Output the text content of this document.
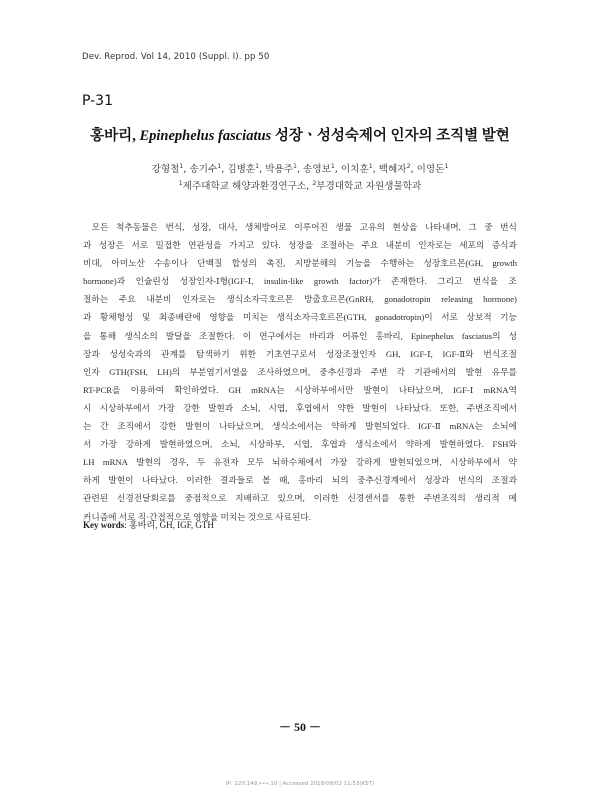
Dev. Reprod. Vol 14, 2010 (Suppl. I). pp 50
P-31
홍바리, Epinephelus fasciatus 성장ㆍ성성숙제어 인자의 조직별 발현
강형철$^1$, 송기수$^1$, 김병훈$^1$, 박용주$^1$, 송영보$^1$, 이치훈$^1$, 백혜자$^2$, 이영돈$^1$
$^1$제주대학교 해양과환경연구소, $^2$부경대학교 자원생물학과
모든 척추동물은 번식, 성장, 대사, 생체방어로 이루어진 생물 고유의 현상을 나타내며, 그 중 번식
과 성장은 서로 밀접한 연관성을 가지고 있다. 성장을 조절하는 주요 내분비 인자로는 세포의 증식과
비대, 아미노산 수송이나 단백질 합성의 촉진, 지방분해의 기능을 수행하는 성장호르몬(GH, growth
hormone)과 인슐린성 성장인자-Ⅰ형(IGF-Ⅰ, insulin-like growth factor)가 존재한다. 그리고 번식을 조
절하는 주요 내분비 인자로는 생식소자극호르몬 방출호르몬(GnRH, gonadotropin releasing hormone)
과 황체형성 및 최종배란에 영향을 미치는 생식소자극호르몬(GTH, gonadotropin)이 서로 상보적 기능
을 통해 생식소의 발달을 조절한다. 이 연구에서는 바리과 어류인 홍바리, Epinephelus fasciatus의 성
장과 성성숙과의 관계를 탐색하기 위한 기초연구로서 성장조절인자 GH, IGF-Ⅰ, IGF-Ⅱ와 번식조절
인자 GTH(FSH, LH)의 부분염기서열을 조사하였으며, 중추신경과 주변 각 기관에서의 발현 유무를
RT-PCR을 이용하여 확인하였다. GH mRNA는 시상하부에서만 발현이 나타났으며, IGF-Ⅰ mRNA역
시 시상하부에서 가장 강한 발현과 소뇌, 시엽, 후엽에서 약한 발현이 나타났다. 또한, 주변조직에서
는 간 조직에서 강한 발현이 나타났으며, 생식소에서는 약하게 발현되었다. IGF-Ⅱ mRNA는 소뇌에
서 가장 강하게 발현하였으며, 소뇌, 시상하부, 시엽, 후엽과 생식소에서 약하게 발현하였다. FSH와
LH mRNA 발현의 경우, 두 유전자 모두 뇌하수체에서 가장 강하게 발현되었으며, 시상하부에서 약
하게 발현이 나타났다. 이러한 결과들로 볼 때, 홍바리 뇌의 중추신경계에서 성장과 번식의 조절과
관련된 신경전달회로를 중점적으로 지배하고 있으며, 이러한 신경센서를 통한 주변조직의 생리적 메
커니즘에 서로 직·간접적으로 영향을 미치는 것으로 사료된다.
Key words: 홍바리, GH, IGF, GTH
－ 50 －
IP: 220.149.•••.10 | Accessed 2018/08/02 11:53(KST)
